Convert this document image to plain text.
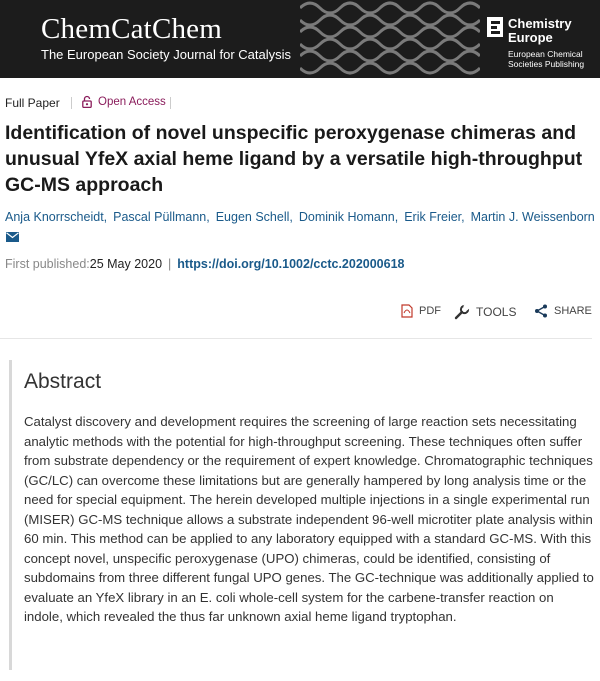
ChemCatChem
The European Society Journal for Catalysis
Chemistry
Europe
European Chemical
Societies Publishing
Full Paper	Open Access
Identification of novel unspecific peroxygenase chimeras and unusual YfeX axial heme ligand by a versatile high-throughput GC-MS approach
Anja Knorrscheidt, Pascal Püllmann, Eugen Schell, Dominik Homann, Erik Freier, Martin J. Weissenborn
First published:25 May 2020 | https://doi.org/10.1002/cctc.202000618
PDF	TOOLS	SHARE
Abstract

Catalyst discovery and development requires the screening of large reaction sets necessitating analytic methods with the potential for high-throughput screening. These techniques often suffer from substrate dependency or the requirement of expert knowledge. Chromatographic techniques (GC/LC) can overcome these limitations but are generally hampered by long analysis time or the need for special equipment. The herein developed multiple injections in a single experimental run (MISER) GC-MS technique allows a substrate independent 96-well microtiter plate analysis within 60 min. This method can be applied to any laboratory equipped with a standard GC-MS. With this concept novel, unspecific peroxygenase (UPO) chimeras, could be identified, consisting of subdomains from three different fungal UPO genes. The GC-technique was additionally applied to evaluate an YfeX library in an E. coli whole-cell system for the carbene-transfer reaction on indole, which revealed the thus far unknown axial heme ligand tryptophan.
